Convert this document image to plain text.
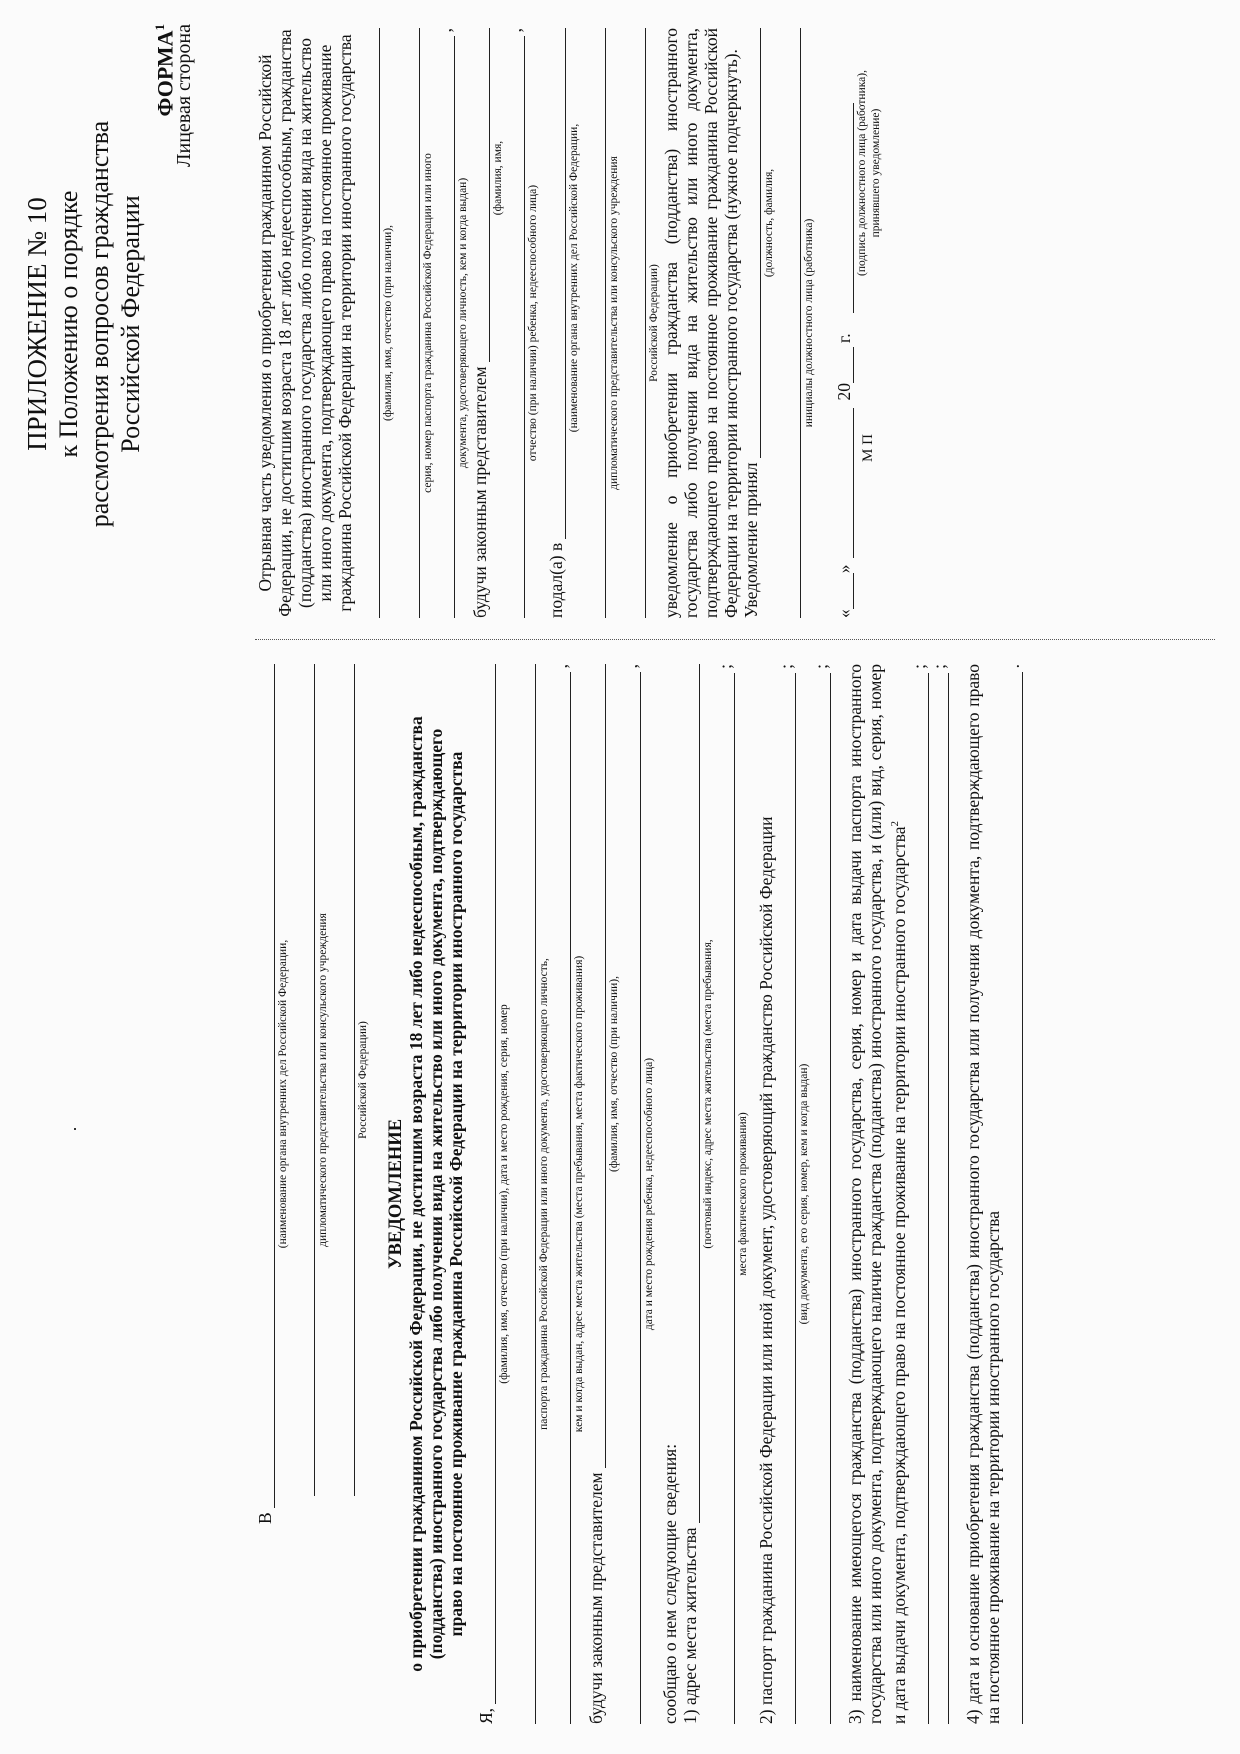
ПРИЛОЖЕНИЕ № 10 к Положению о порядке рассмотрения вопросов гражданства Российской Федерации
ФОРМА$^1$ Лицевая сторона
В
(наименование органа внутренних дел Российской Федерации, дипломатического представительства или консульского учреждения Российской Федерации)
УВЕДОМЛЕНИЕ о приобретении гражданином Российской Федерации, не достигшим возраста 18 лет либо недееспособным, гражданства (подданства) иностранного государства либо получении вида на жительство или иного документа, подтверждающего право на постоянное проживание гражданина Российской Федерации на территории иностранного государства
Я,
(фамилия, имя, отчество (при наличии), дата и место рождения, серия, номер паспорта гражданина Российской Федерации или иного документа, удостоверяющего личность,
,
кем и когда выдан, адрес места жительства (места пребывания, места фактического проживания)
будучи законным представителем
(фамилия, имя, отчество (при наличии),
,
дата и место рождения ребенка, недееспособного лица)
сообщаю о нем следующие сведения: 1) адрес места жительства
(почтовый индекс, адрес места жительства (места пребывания,
;
места фактического проживания) 2) паспорт гражданина Российской Федерации или иной документ, удостоверяющий гражданство Российской Федерации
;
(вид документа, его серия, номер, кем и когда выдан)
; 3) наименование имеющегося гражданства (подданства) иностранного государства, серия, номер и дата выдачи паспорта иностранного государства или иного документа, подтверждающего наличие гражданства (подданства) иностранного государства, и (или) вид, серия, номер и дата выдачи документа, подтверждающего право на постоянное проживание на территории иностранного государства$^2$
; ; 4) дата и основание приобретения гражданства (подданства) иностранного государства или получения документа, подтверждающего право на постоянное проживание на территории иностранного государства
.
Отрывная часть уведомления о приобретении гражданином Российской Федерации, не достигшим возраста 18 лет либо недееспособным, гражданства (подданства) иностранного государства либо получении вида на жительство или иного документа, подтверждающего право на постоянное проживание гражданина Российской Федерации на территории иностранного государства (фамилия, имя, отчество (при наличии), серия, номер паспорта гражданина Российской Федерации или иного
,
документа, удостоверяющего личность, кем и когда выдан)
будучи законным представителем
(фамилия, имя,
,
отчество (при наличии) ребенка, недееспособного лица)
подал(а) в
(наименование органа внутренних дел Российской Федерации, дипломатического представительства или консульского учреждения Российской Федерации) уведомление о приобретении гражданства (подданства) иностранного государства либо получении вида на жительство или иного документа, подтверждающего право на постоянное проживание гражданина Российской Федерации на территории иностранного государства (нужное подчеркнуть). Уведомление принял
(должность, фамилия, инициалы должностного лица (работника)
«
»
20
г.
М П
(подпись должностного лица (работника), принявшего уведомление)
